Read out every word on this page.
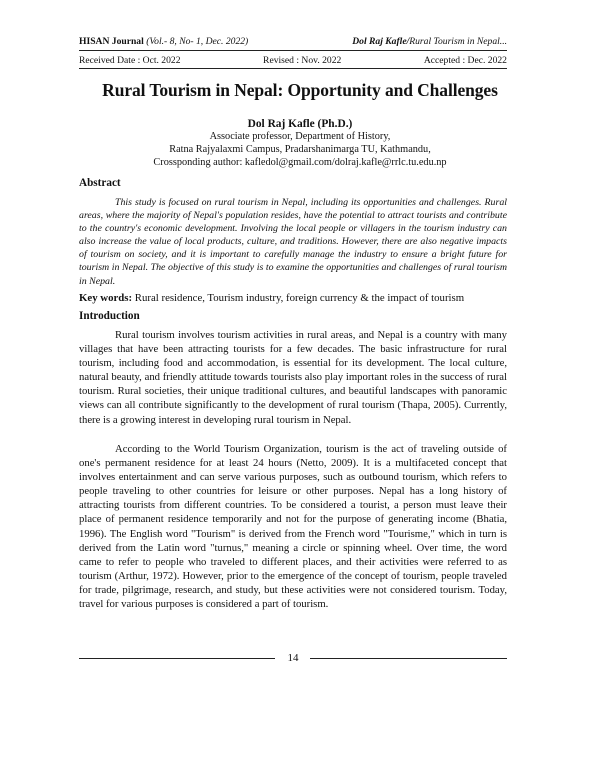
HISAN Journal (Vol.- 8, No- 1, Dec. 2022)	Dol Raj Kafle/Rural Tourism in Nepal...
Received Date : Oct. 2022	Revised : Nov. 2022	Accepted : Dec. 2022
Rural Tourism in Nepal: Opportunity and Challenges
Dol Raj Kafle (Ph.D.)
Associate professor, Department of History,
Ratna Rajyalaxmi Campus, Pradarshanimarga TU, Kathmandu,
Crossponding author: kafledol@gmail.com/dolraj.kafle@rrlc.tu.edu.np
Abstract

This study is focused on rural tourism in Nepal, including its opportunities and challenges. Rural areas, where the majority of Nepal's population resides, have the potential to attract tourists and contribute to the country's economic development. Involving the local people or villagers in the tourism industry can also increase the value of local products, culture, and traditions. However, there are also negative impacts of tourism on society, and it is important to carefully manage the industry to ensure a bright future for tourism in Nepal. The objective of this study is to examine the opportunities and challenges of rural tourism in Nepal.

Key words: Rural residence, Tourism industry, foreign currency & the impact of tourism
Introduction

Rural tourism involves tourism activities in rural areas, and Nepal is a country with many villages that have been attracting tourists for a few decades. The basic infrastructure for rural tourism, including food and accommodation, is essential for its development. The local culture, natural beauty, and friendly attitude towards tourists also play important roles in the success of rural tourism. Rural societies, their unique traditional cultures, and beautiful landscapes with panoramic views can all contribute significantly to the development of rural tourism (Thapa, 2005). Currently, there is a growing interest in developing rural tourism in Nepal.

According to the World Tourism Organization, tourism is the act of traveling outside of one's permanent residence for at least 24 hours (Netto, 2009). It is a multifaceted concept that involves entertainment and can serve various purposes, such as outbound tourism, which refers to people traveling to other countries for leisure or other purposes. Nepal has a long history of attracting tourists from different countries. To be considered a tourist, a person must leave their place of permanent residence temporarily and not for the purpose of generating income (Bhatia, 1996). The English word "Tourism" is derived from the French word "Tourisme," which in turn is derived from the Latin word "turnus," meaning a circle or spinning wheel. Over time, the word came to refer to people who traveled to different places, and their activities were referred to as tourism (Arthur, 1972). However, prior to the emergence of the concept of tourism, people traveled for trade, pilgrimage, research, and study, but these activities were not considered tourism. Today, travel for various purposes is considered a part of tourism.

14
